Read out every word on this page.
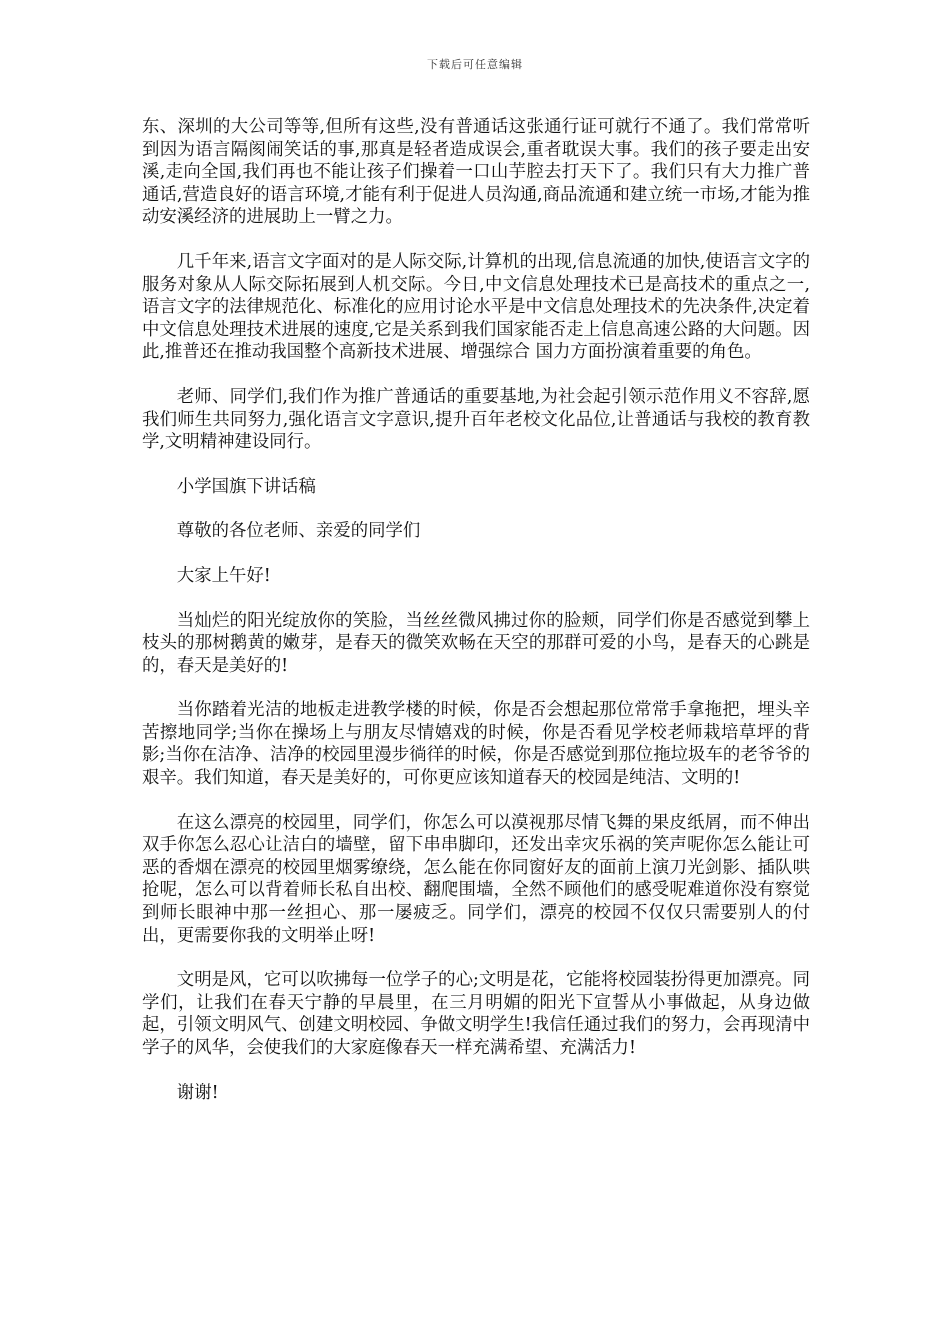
下载后可任意编辑

东、深圳的大公司等等,但所有这些,没有普通话这张通行证可就行不通了。我们常常听到因为语言隔阂闹笑话的事,那真是轻者造成误会,重者耽误大事。我们的孩子要走出安溪,走向全国,我们再也不能让孩子们操着一口山芋腔去打天下了。我们只有大力推广普通话,营造良好的语言环境,才能有利于促进人员沟通,商品流通和建立统一市场,才能为推动安溪经济的进展助上一臂之力。

几千年来,语言文字面对的是人际交际,计算机的出现,信息流通的加快,使语言文字的服务对象从人际交际拓展到人机交际。今日,中文信息处理技术已是高技术的重点之一,语言文字的法律规范化、标准化的应用讨论水平是中文信息处理技术的先决条件,决定着中文信息处理技术进展的速度,它是关系到我们国家能否走上信息高速公路的大问题。因此,推普还在推动我国整个高新技术进展、增强综合 国力方面扮演着重要的角色。

老师、同学们,我们作为推广普通话的重要基地,为社会起引领示范作用义不容辞,愿我们师生共同努力,强化语言文字意识,提升百年老校文化品位,让普通话与我校的教育教学,文明精神建设同行。

小学国旗下讲话稿

尊敬的各位老师、亲爱的同学们

大家上午好!

当灿烂的阳光绽放你的笑脸，当丝丝微风拂过你的脸颊，同学们你是否感觉到攀上枝头的那树鹅黄的嫩芽，是春天的微笑欢畅在天空的那群可爱的小鸟，是春天的心跳是的，春天是美好的!

当你踏着光洁的地板走进教学楼的时候，你是否会想起那位常常手拿拖把，埋头辛苦擦地同学;当你在操场上与朋友尽情嬉戏的时候，你是否看见学校老师栽培草坪的背影;当你在洁净、洁净的校园里漫步徜徉的时候，你是否感觉到那位拖垃圾车的老爷爷的艰辛。我们知道，春天是美好的，可你更应该知道春天的校园是纯洁、文明的!

在这么漂亮的校园里，同学们，你怎么可以漠视那尽情飞舞的果皮纸屑，而不伸出双手你怎么忍心让洁白的墙壁，留下串串脚印，还发出幸灾乐祸的笑声呢你怎么能让可恶的香烟在漂亮的校园里烟雾缭绕，怎么能在你同窗好友的面前上演刀光剑影、插队哄抢呢，怎么可以背着师长私自出校、翻爬围墙，全然不顾他们的感受呢难道你没有察觉到师长眼神中那一丝担心、那一屡疲乏。同学们，漂亮的校园不仅仅只需要别人的付出，更需要你我的文明举止呀!

文明是风，它可以吹拂每一位学子的心;文明是花，它能将校园装扮得更加漂亮。同学们，让我们在春天宁静的早晨里，在三月明媚的阳光下宣誓从小事做起，从身边做起，引领文明风气、创建文明校园、争做文明学生!我信任通过我们的努力，会再现清中学子的风华，会使我们的大家庭像春天一样充满希望、充满活力!

谢谢!
